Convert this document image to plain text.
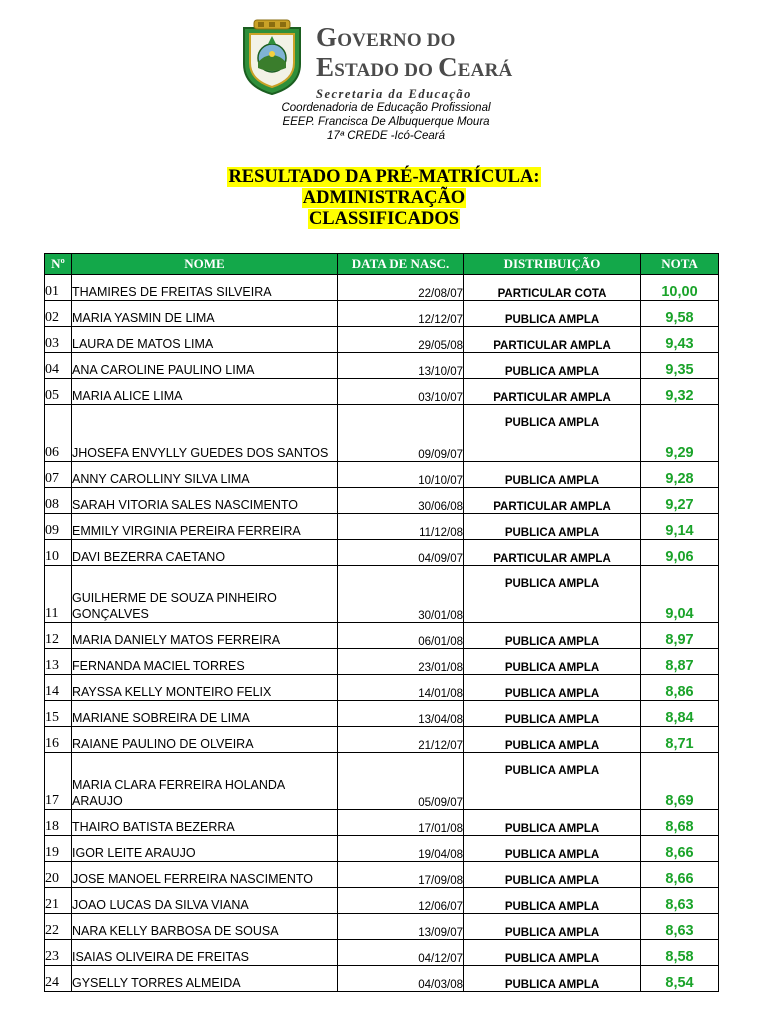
GOVERNO DO
ESTADO DO CEARÁ
Secretaria da Educação
Coordenadoria de Educação Profissional
EEEP. Francisca De Albuquerque Moura
17ª CREDE -Icó-Ceará
RESULTADO DA PRÉ-MATRÍCULA:
ADMINISTRAÇÃO
CLASSIFICADOS
Nº	NOME	DATA DE NASC.	DISTRIBUIÇÃO	NOTA
01	THAMIRES DE FREITAS SILVEIRA	22/08/07	PARTICULAR COTA	10,00
02	MARIA YASMIN DE LIMA	12/12/07	PUBLICA AMPLA	9,58
03	LAURA DE MATOS LIMA	29/05/08	PARTICULAR AMPLA	9,43
04	ANA CAROLINE PAULINO LIMA	13/10/07	PUBLICA AMPLA	9,35
05	MARIA ALICE LIMA	03/10/07	PARTICULAR AMPLA	9,32
06	JHOSEFA ENVYLLY GUEDES DOS SANTOS	09/09/07	PUBLICA AMPLA	9,29
07	ANNY CAROLLINY SILVA LIMA	10/10/07	PUBLICA AMPLA	9,28
08	SARAH VITORIA SALES NASCIMENTO	30/06/08	PARTICULAR AMPLA	9,27
09	EMMILY VIRGINIA PEREIRA FERREIRA	11/12/08	PUBLICA AMPLA	9,14
10	DAVI BEZERRA CAETANO	04/09/07	PARTICULAR AMPLA	9,06
11	GUILHERME DE SOUZA PINHEIRO GONÇALVES	30/01/08	PUBLICA AMPLA	9,04
12	MARIA DANIELY MATOS FERREIRA	06/01/08	PUBLICA AMPLA	8,97
13	FERNANDA MACIEL TORRES	23/01/08	PUBLICA AMPLA	8,87
14	RAYSSA KELLY MONTEIRO FELIX	14/01/08	PUBLICA AMPLA	8,86
15	MARIANE SOBREIRA DE LIMA	13/04/08	PUBLICA AMPLA	8,84
16	RAIANE PAULINO DE OLVEIRA	21/12/07	PUBLICA AMPLA	8,71
17	MARIA CLARA FERREIRA HOLANDA ARAUJO	05/09/07	PUBLICA AMPLA	8,69
18	THAIRO BATISTA BEZERRA	17/01/08	PUBLICA AMPLA	8,68
19	IGOR LEITE ARAUJO	19/04/08	PUBLICA AMPLA	8,66
20	JOSE MANOEL FERREIRA NASCIMENTO	17/09/08	PUBLICA AMPLA	8,66
21	JOAO LUCAS DA SILVA VIANA	12/06/07	PUBLICA AMPLA	8,63
22	NARA KELLY BARBOSA DE SOUSA	13/09/07	PUBLICA AMPLA	8,63
23	ISAIAS OLIVEIRA DE FREITAS	04/12/07	PUBLICA AMPLA	8,58
24	GYSELLY TORRES ALMEIDA	04/03/08	PUBLICA AMPLA	8,54
